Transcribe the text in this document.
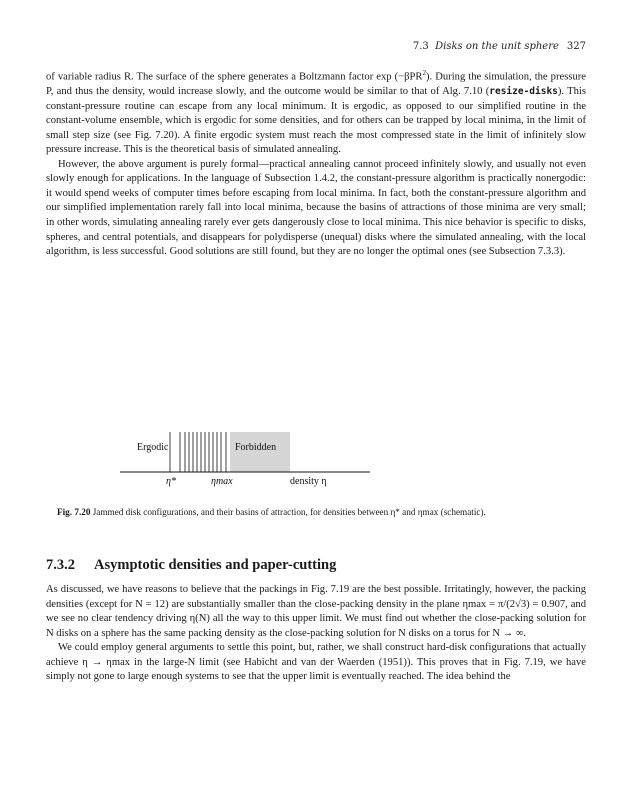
7.3 Disks on the unit sphere 327

of variable radius R. The surface of the sphere generates a Boltzmann factor exp (−βPR$^2$). During the simulation, the pressure P, and thus the density, would increase slowly, and the outcome would be similar to that of Alg. 7.10 (resize-disks). This constant-pressure routine can escape from any local minimum. It is ergodic, as opposed to our simplified routine in the constant-volume ensemble, which is ergodic for some densities, and for others can be trapped by local minima, in the limit of small step size (see Fig. 7.20). A finite ergodic system must reach the most compressed state in the limit of infinitely slow pressure increase. This is the theoretical basis of simulated annealing.

However, the above argument is purely formal—practical annealing cannot proceed infinitely slowly, and usually not even slowly enough for applications. In the language of Subsection 1.4.2, the constant-pressure algorithm is practically nonergodic: it would spend weeks of computer times before escaping from local minima. In fact, both the constant-pressure algorithm and our simplified implementation rarely fall into local minima, because the basins of attractions of those minima are very small; in other words, simulating annealing rarely ever gets dangerously close to local minima. This nice behavior is specific to disks, spheres, and central potentials, and disappears for polydisperse (unequal) disks where the simulated annealing, with the local algorithm, is less successful. Good solutions are still found, but they are no longer the optimal ones (see Subsection 7.3.3).

Ergodic	Forbidden
η*	ηmax	density η
Fig. 7.20 Jammed disk configurations, and their basins of attraction, for densities between η* and ηmax (schematic).
7.3.2 Asymptotic densities and paper-cutting

As discussed, we have reasons to believe that the packings in Fig. 7.19 are the best possible. Irritatingly, however, the packing densities (except for N = 12) are substantially smaller than the close-packing density in the plane ηmax = π/(2√3) = 0.907, and we see no clear tendency driving η(N) all the way to this upper limit. We must find out whether the close-packing solution for N disks on a sphere has the same packing density as the close-packing solution for N disks on a torus for N → ∞.

We could employ general arguments to settle this point, but, rather, we shall construct hard-disk configurations that actually achieve η → ηmax in the large-N limit (see Habicht and van der Waerden (1951)). This proves that in Fig. 7.19, we have simply not gone to large enough systems to see that the upper limit is eventually reached. The idea behind the
